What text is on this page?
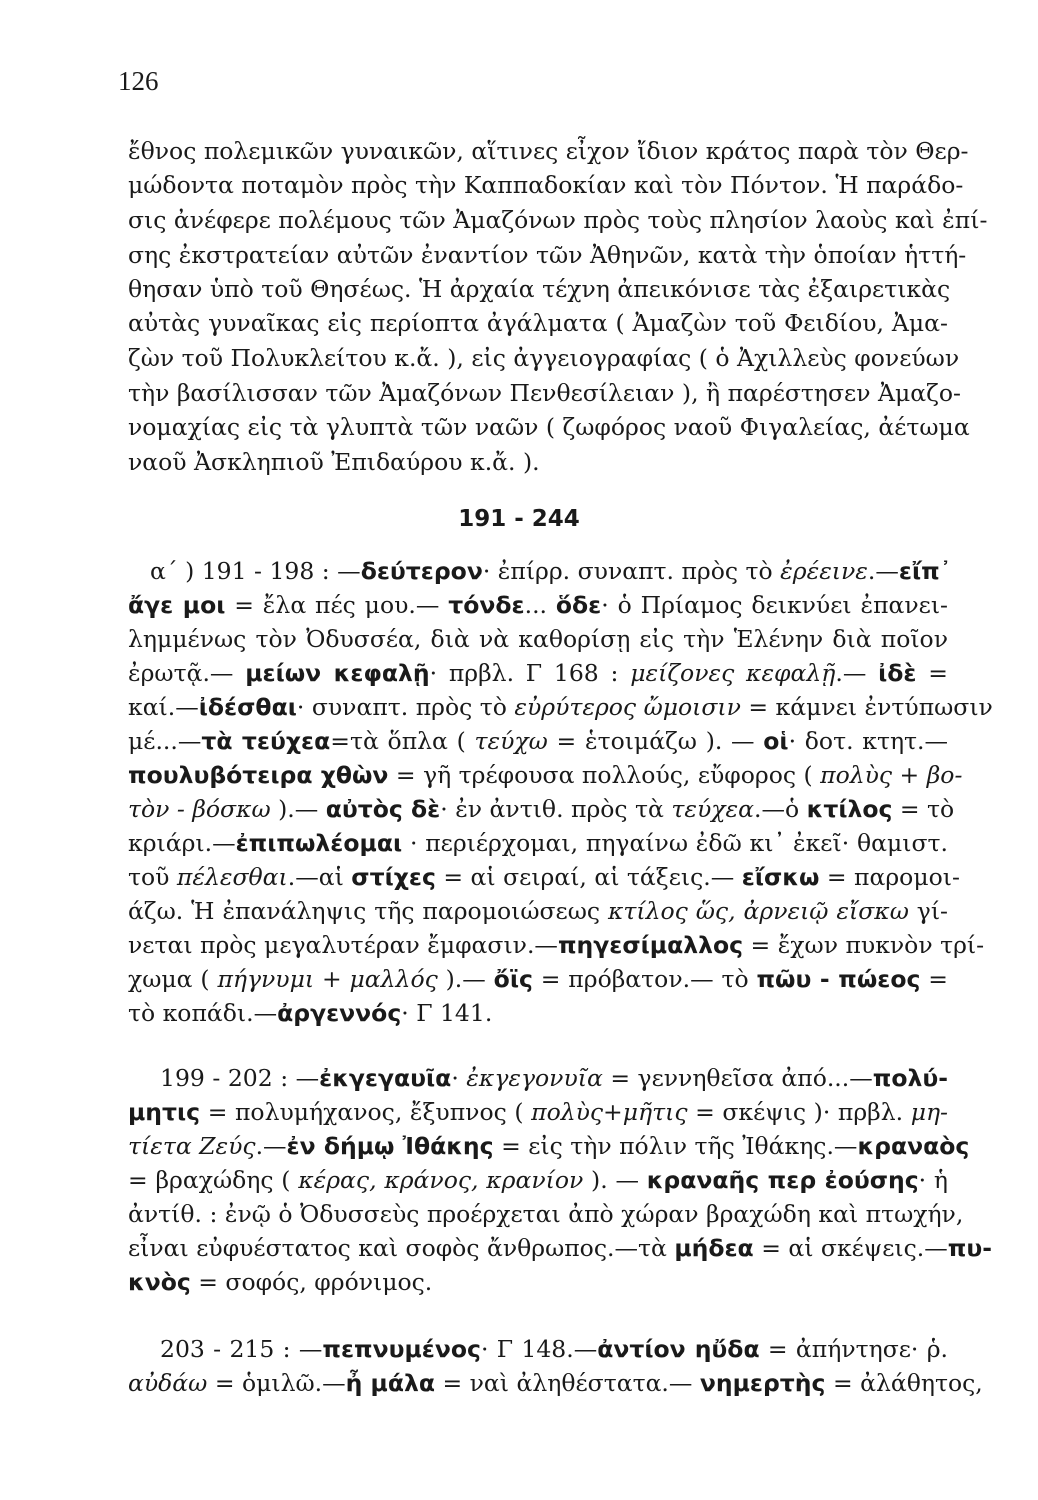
126
191 - 244
ἔθνος πολεμικῶν γυναικῶν, αἵτινες εἶχον ἴδιον κράτος παρὰ τὸν Θερ-
μώδοντα ποταμὸν πρὸς τὴν Καππαδοκίαν καὶ τὸν Πόντον. Ἡ παράδο-
σις ἀνέφερε πολέμους τῶν Ἀμαζόνων πρὸς τοὺς πλησίον λαοὺς καὶ ἐπί-
σης ἐκστρατείαν αὐτῶν ἐναντίον τῶν Ἀθηνῶν, κατὰ τὴν ὁποίαν ἡττή-
θησαν ὑπὸ τοῦ Θησέως. Ἡ ἀρχαία τέχνη ἀπεικόνισε τὰς ἐξαιρετικὰς
αὐτὰς γυναῖκας εἰς περίοπτα ἀγάλματα ( Ἀμαζὼν τοῦ Φειδίου, Ἀμα-
ζὼν τοῦ Πολυκλείτου κ.ἄ. ), εἰς ἀγγειογραφίας ( ὁ Ἀχιλλεὺς φονεύων
τὴν βασίλισσαν τῶν Ἀμαζόνων Πενθεσίλειαν ), ἢ παρέστησεν Ἀμαζο-
νομαχίας εἰς τὰ γλυπτὰ τῶν ναῶν ( ζωφόρος ναοῦ Φιγαλείας, ἀέτωμα
ναοῦ Ἀσκληπιοῦ Ἐπιδαύρου κ.ἄ. ).
α΄ ) 191 - 198 : —δεύτερον· ἐπίρρ. συναπτ. πρὸς τὸ ἐρέεινε.—εἴπ᾽
ἄγε μοι = ἔλα πές μου.— τόνδε... ὅδε· ὁ Πρίαμος δεικνύει ἐπανει-
λημμένως τὸν Ὀδυσσέα, διὰ νὰ καθορίσῃ εἰς τὴν Ἑλένην διὰ ποῖον
ἐρωτᾷ.— μείων κεφαλῇ· πρβλ. Γ 168 : μείζονες κεφαλῇ.— ἰδὲ =
καί.—ἰδέσθαι· συναπτ. πρὸς τὸ εὐρύτερος ὤμοισιν = κάμνει ἐντύπωσιν
μέ...—τὰ τεύχεα=τὰ ὅπλα ( τεύχω = ἑτοιμάζω ). — οἱ· δοτ. κτητ.—
πουλυβότειρα χθὼν = γῆ τρέφουσα πολλούς, εὔφορος ( πολὺς + βο-
τὸν - βόσκω ).— αὐτὸς δὲ· ἐν ἀντιθ. πρὸς τὰ τεύχεα.—ὁ κτίλος = τὸ
κριάρι.—ἐπιπωλέομαι · περιέρχομαι, πηγαίνω ἐδῶ κι᾽ ἐκεῖ· θαμιστ.
τοῦ πέλεσθαι.—αἱ στίχες = αἱ σειραί, αἱ τάξεις.— εἴσκω = παρομοι-
άζω. Ἡ ἐπανάληψις τῆς παρομοιώσεως κτίλος ὥς, ἀρνειῷ εἴσκω γί-
νεται πρὸς μεγαλυτέραν ἔμφασιν.—πηγεσίμαλλος = ἔχων πυκνὸν τρί-
χωμα ( πήγνυμι + μαλλός ).— ὄϊς = πρόβατον.— τὸ πῶυ - πώεος =
τὸ κοπάδι.—ἀργεννός· Γ 141.
199 - 202 : —ἐκγεγαυῖα· ἐκγεγονυῖα = γεννηθεῖσα ἀπό...—πολύ-
μητις = πολυμήχανος, ἔξυπνος ( πολὺς+μῆτις = σκέψις )· πρβλ. μη-
τίετα Ζεύς.—ἐν δήμῳ Ἰθάκης = εἰς τὴν πόλιν τῆς Ἰθάκης.—κραναὸς
= βραχώδης ( κέρας, κράνος, κρανίον ). — κραναῆς περ ἐούσης· ἡ
ἀντίθ. : ἐνῷ ὁ Ὀδυσσεὺς προέρχεται ἀπὸ χώραν βραχώδη καὶ πτωχήν,
εἶναι εὐφυέστατος καὶ σοφὸς ἄνθρωπος.—τὰ μήδεα = αἱ σκέψεις.—πυ-
κνὸς = σοφός, φρόνιμος.
203 - 215 : —πεπνυμένος· Γ 148.—ἀντίον ηὔδα = ἀπήντησε· ῥ.
αὐδάω = ὁμιλῶ.—ἦ μάλα = ναὶ ἀληθέστατα.— νημερτὴς = ἀλάθητος,
